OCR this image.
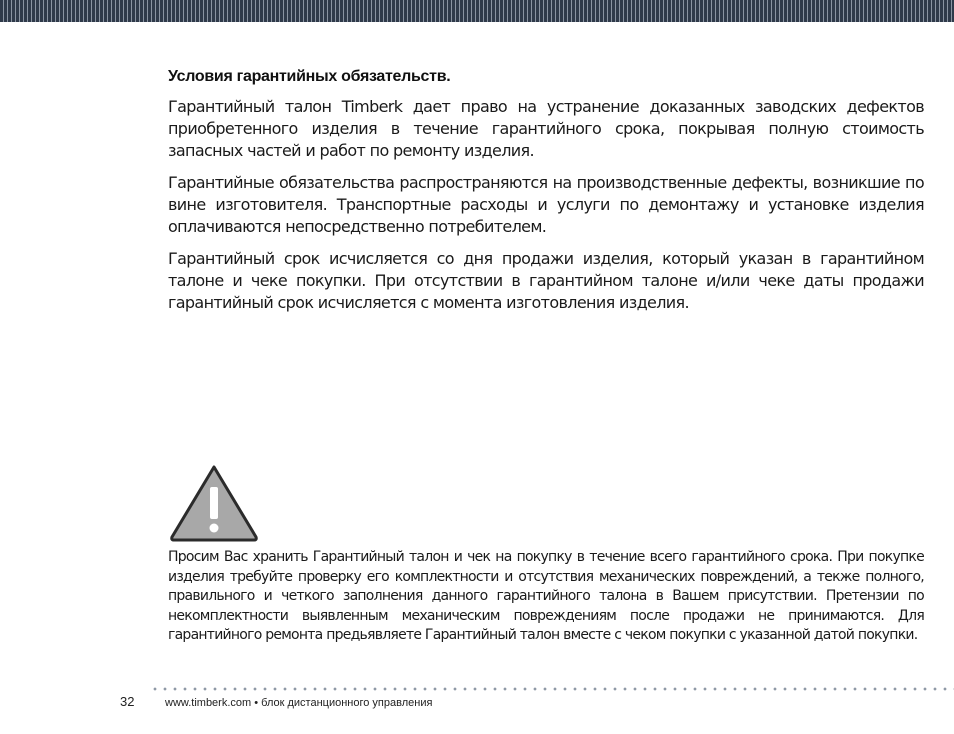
Условия гарантийных обязательств.

Гарантийный талон Timberk дает право на устранение доказанных заводских дефектов приобретенного изделия в течение гарантийного срока, покрывая полную стоимость запасных частей и работ по ремонту изделия.

Гарантийные обязательства распространяются на производственные дефекты, возникшие по вине изготовителя. Транспортные расходы и услуги по демонтажу и установке изделия оплачиваются непосредственно потребителем.

Гарантийный срок исчисляется со дня продажи изделия, который указан в гарантийном талоне и чеке покупки. При отсутствии в гарантийном талоне и/или чеке даты продажи гарантийный срок исчисляется с момента изготовления изделия.

Просим Вас хранить Гарантийный талон и чек на покупку в течение всего гарантийного срока. При покупке изделия требуйте проверку его комплектности и отсутствия механических повреждений, а текже полного, правильного и четкого заполнения данного гарантийного талона в Вашем присутствии. Претензии по некомплектности выявленным механическим повреждениям после продажи не принимаются. Для гарантийного ремонта предьявляете Гарантийный талон вместе с чеком покупки с указанной датой покупки.

32	www.timberk.com • блок дистанционного управления
